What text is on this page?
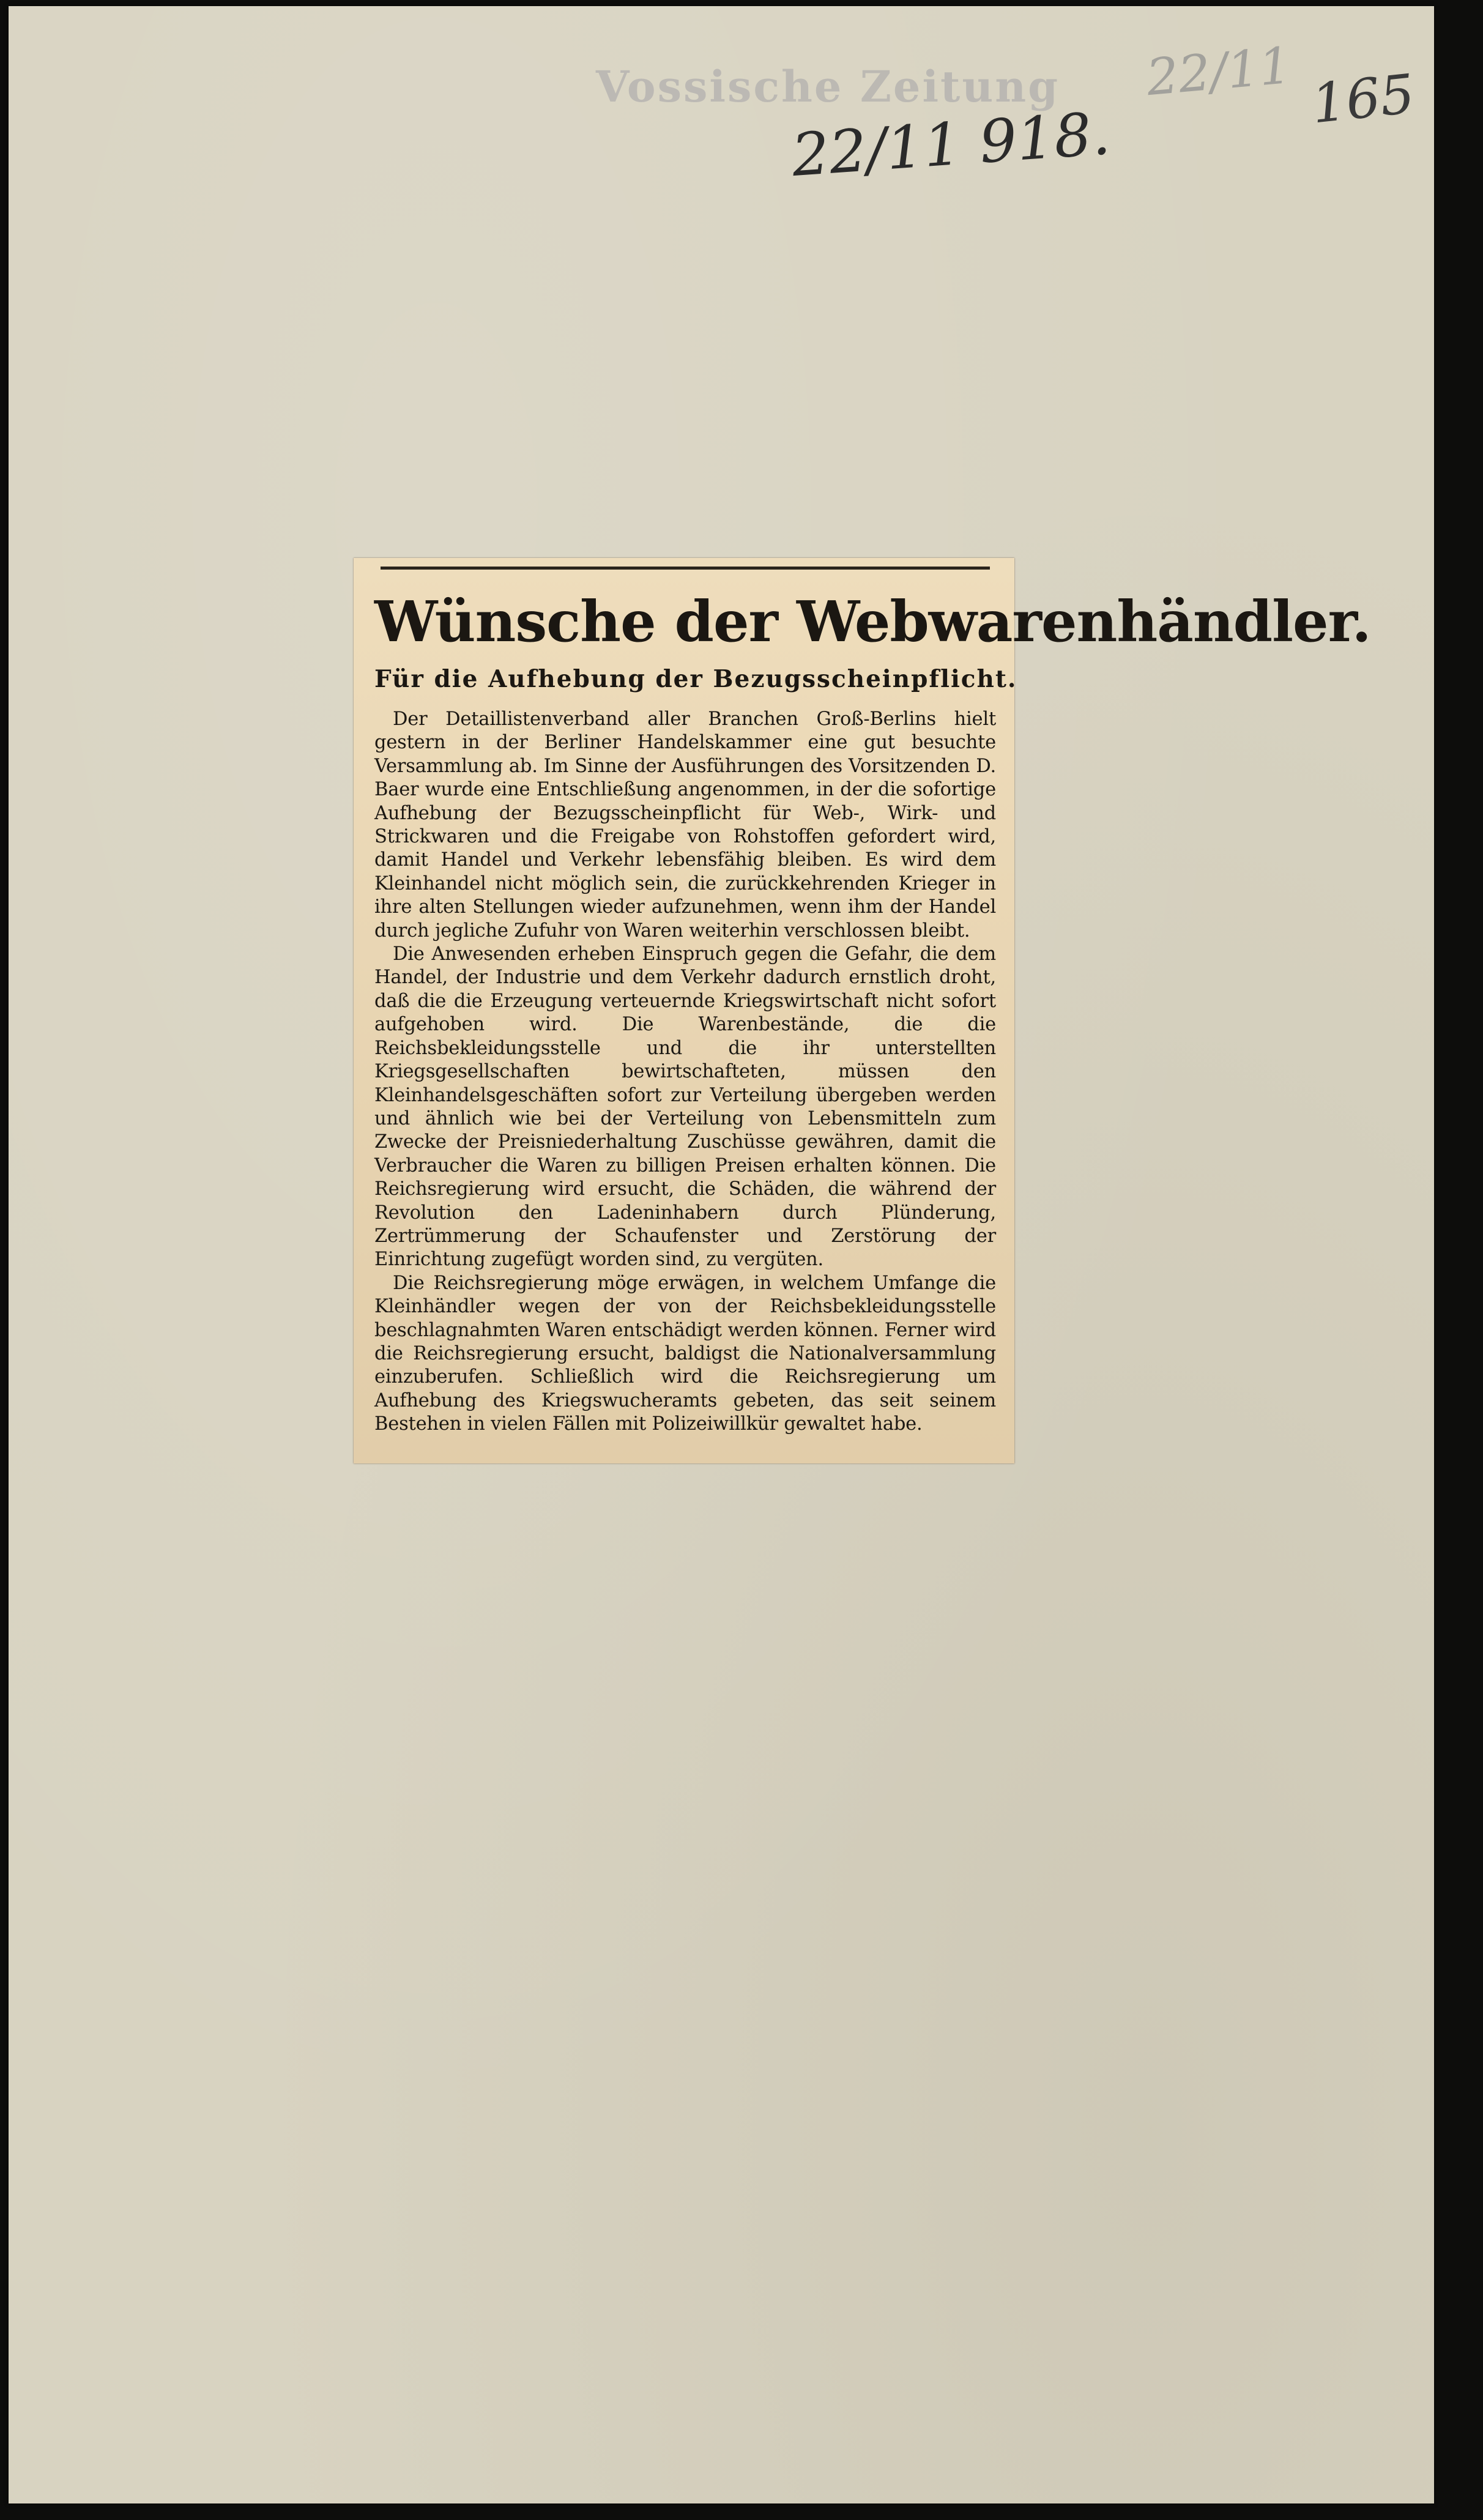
Vossische Zeitung
22/11 918.
22/11 165
Wünsche der Webwarenhändler.
Für die Aufhebung der Bezugsscheinpflicht.

Der Detaillistenverband aller Branchen Groß-Berlins hielt gestern in der Berliner Handelskammer eine gut besuchte Versammlung ab. Im Sinne der Ausführungen des Vorsitzenden D. Baer wurde eine Entschließung angenommen, in der die sofortige Aufhebung der Bezugsscheinpflicht für Web-, Wirk- und Strickwaren und die Freigabe von Rohstoffen gefordert wird, damit Handel und Verkehr lebensfähig bleiben. Es wird dem Kleinhandel nicht möglich sein, die zurückkehrenden Krieger in ihre alten Stellungen wieder aufzunehmen, wenn ihm der Handel durch jegliche Zufuhr von Waren weiterhin verschlossen bleibt.

Die Anwesenden erheben Einspruch gegen die Gefahr, die dem Handel, der Industrie und dem Verkehr dadurch ernstlich droht, daß die die Erzeugung verteuernde Kriegswirtschaft nicht sofort aufgehoben wird. Die Warenbestände, die die Reichsbekleidungsstelle und die ihr unterstellten Kriegsgesellschaften bewirtschafteten, müssen den Kleinhandelsgeschäften sofort zur Verteilung übergeben werden und ähnlich wie bei der Verteilung von Lebensmitteln zum Zwecke der Preisniederhaltung Zuschüsse gewähren, damit die Verbraucher die Waren zu billigen Preisen erhalten können. Die Reichsregierung wird ersucht, die Schäden, die während der Revolution den Ladeninhabern durch Plünderung, Zertrümmerung der Schaufenster und Zerstörung der Einrichtung zugefügt worden sind, zu vergüten.

Die Reichsregierung möge erwägen, in welchem Umfange die Kleinhändler wegen der von der Reichsbekleidungsstelle beschlagnahmten Waren entschädigt werden können. Ferner wird die Reichsregierung ersucht, baldigst die Nationalversammlung einzuberufen. Schließlich wird die Reichsregierung um Aufhebung des Kriegswucheramts gebeten, das seit seinem Bestehen in vielen Fällen mit Polizeiwillkür gewaltet habe.
